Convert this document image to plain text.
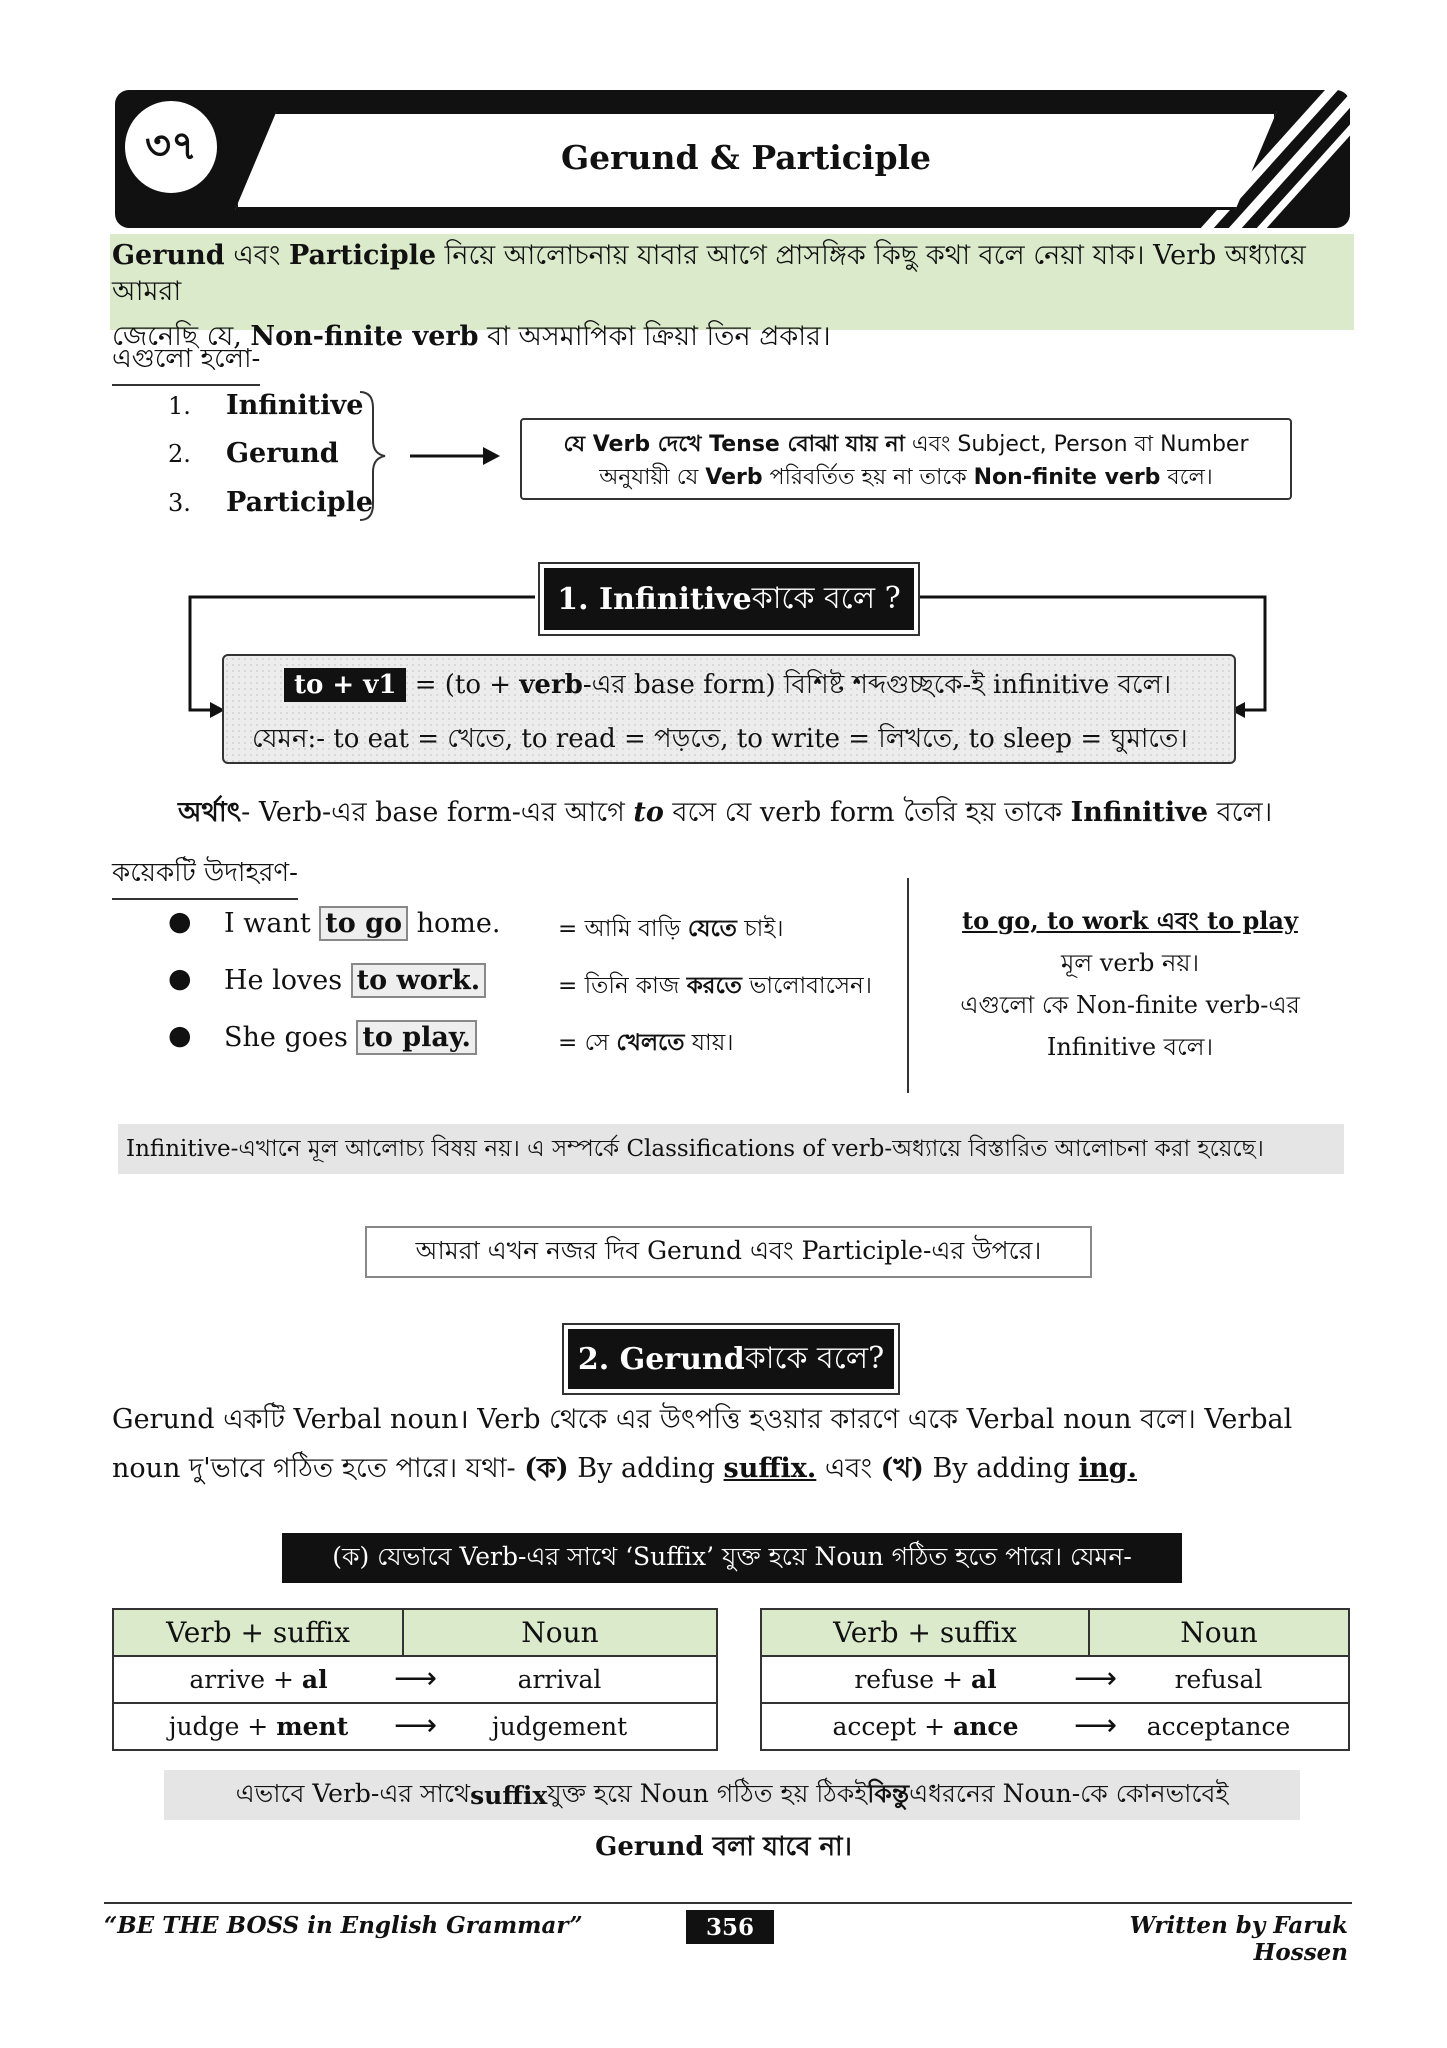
Gerund & Participle
৩৭
Gerund এবং Participle নিয়ে আলোচনায় যাবার আগে প্রাসঙ্গিক কিছু কথা বলে নেয়া যাক। Verb অধ্যায়ে আমরা
জেনেছি যে, Non-finite verb বা অসমাপিকা ক্রিয়া তিন প্রকার।
এগুলো হলো-
1. Infinitive
2. Gerund
3. Participle
যে Verb দেখে Tense বোঝা যায় না এবং Subject, Person বা Number
অনুযায়ী যে Verb পরিবর্তিত হয় না তাকে Non-finite verb বলে।
1. Infinitive কাকে বলে ?
to + v1 = (to + verb-এর base form) বিশিষ্ট শব্দগুচ্ছকে-ই infinitive বলে।
যেমন:- to eat = খেতে, to read = পড়তে, to write = লিখতে, to sleep = ঘুমাতে।
অর্থাৎ- Verb-এর base form-এর আগে to বসে যে verb form তৈরি হয় তাকে Infinitive বলে।
কয়েকটি উদাহরণ-
● I want to go home.	= আমি বাড়ি যেতে চাই।
● He loves to work.	= তিনি কাজ করতে ভালোবাসেন।
● She goes to play.	= সে খেলতে যায়।
to go, to work এবং to play
মূল verb নয়।
এগুলো কে Non-finite verb-এর
Infinitive বলে।
Infinitive-এখানে মূল আলোচ্য বিষয় নয়। এ সম্পর্কে Classifications of verb-অধ্যায়ে বিস্তারিত আলোচনা করা হয়েছে।
আমরা এখন নজর দিব Gerund এবং Participle-এর উপরে।
2. Gerund কাকে বলে?
Gerund একটি Verbal noun। Verb থেকে এর উৎপত্তি হওয়ার কারণে একে Verbal noun বলে। Verbal
noun দু'ভাবে গঠিত হতে পারে। যথা- (ক) By adding suffix. এবং (খ) By adding ing.
(ক) যেভাবে Verb-এর সাথে ‘Suffix’ যুক্ত হয়ে Noun গঠিত হতে পারে। যেমন-
Verb + suffix	Noun
arrive + al ⟶	arrival
judge + ment ⟶	judgement
Verb + suffix	Noun
refuse + al ⟶	refusal
accept + ance ⟶	acceptance
এভাবে Verb-এর সাথে suffix যুক্ত হয়ে Noun গঠিত হয় ঠিকই কিন্তু এধরনের Noun-কে কোনভাবেই
Gerund বলা যাবে না।
“BE THE BOSS in English Grammar”	356	Written by Faruk Hossen
